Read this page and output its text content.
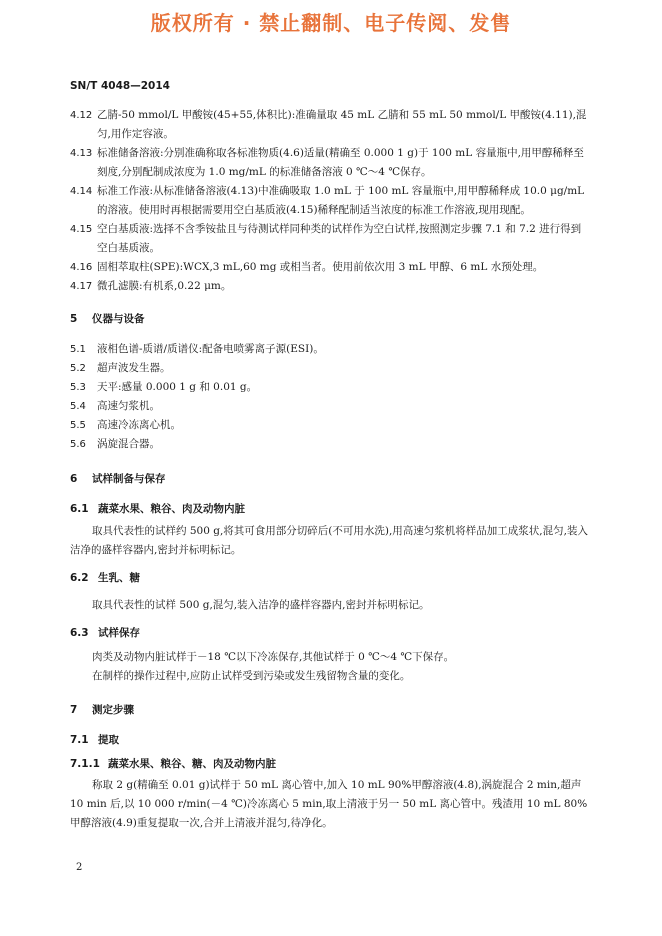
版权所有 · 禁止翻制、电子传阅、发售
SN/T 4048—2014

4.12 乙腈-50 mmol/L 甲酸铵(45+55,体积比):准确量取 45 mL 乙腈和 55 mL 50 mmol/L 甲酸铵(4.11),混匀,用作定容液。

4.13 标准储备溶液:分别准确称取各标准物质(4.6)适量(精确至 0.000 1 g)于 100 mL 容量瓶中,用甲醇稀释至刻度,分别配制成浓度为 1.0 mg/mL 的标准储备溶液 0 ℃～4 ℃保存。

4.14 标准工作液:从标准储备溶液(4.13)中准确吸取 1.0 mL 于 100 mL 容量瓶中,用甲醇稀释成 10.0 μg/mL 的溶液。使用时再根据需要用空白基质液(4.15)稀释配制适当浓度的标准工作溶液,现用现配。

4.15 空白基质液:选择不含季铵盐且与待测试样同种类的试样作为空白试样,按照测定步骤 7.1 和 7.2 进行得到空白基质液。

4.16 固相萃取柱(SPE):WCX,3 mL,60 mg 或相当者。使用前依次用 3 mL 甲醇、6 mL 水预处理。

4.17 微孔滤膜:有机系,0.22 μm。

5 仪器与设备

5.1 液相色谱-质谱/质谱仪:配备电喷雾离子源(ESI)。

5.2 超声波发生器。

5.3 天平:感量 0.000 1 g 和 0.01 g。

5.4 高速匀浆机。

5.5 高速冷冻离心机。

5.6 涡旋混合器。

6 试样制备与保存
6.1 蔬菜水果、粮谷、肉及动物内脏

取具代表性的试样约 500 g,将其可食用部分切碎后(不可用水洗),用高速匀浆机将样品加工成浆状,混匀,装入洁净的盛样容器内,密封并标明标记。

6.2 生乳、糖

取具代表性的试样 500 g,混匀,装入洁净的盛样容器内,密封并标明标记。

6.3 试样保存

肉类及动物内脏试样于－18 ℃以下冷冻保存,其他试样于 0 ℃～4 ℃下保存。

在制样的操作过程中,应防止试样受到污染或发生残留物含量的变化。

7 测定步骤
7.1 提取
7.1.1 蔬菜水果、粮谷、糖、肉及动物内脏

称取 2 g(精确至 0.01 g)试样于 50 mL 离心管中,加入 10 mL 90%甲醇溶液(4.8),涡旋混合 2 min,超声 10 min 后,以 10 000 r/min(－4 ℃)冷冻离心 5 min,取上清液于另一 50 mL 离心管中。残渣用 10 mL 80%甲醇溶液(4.9)重复提取一次,合并上清液并混匀,待净化。

2
